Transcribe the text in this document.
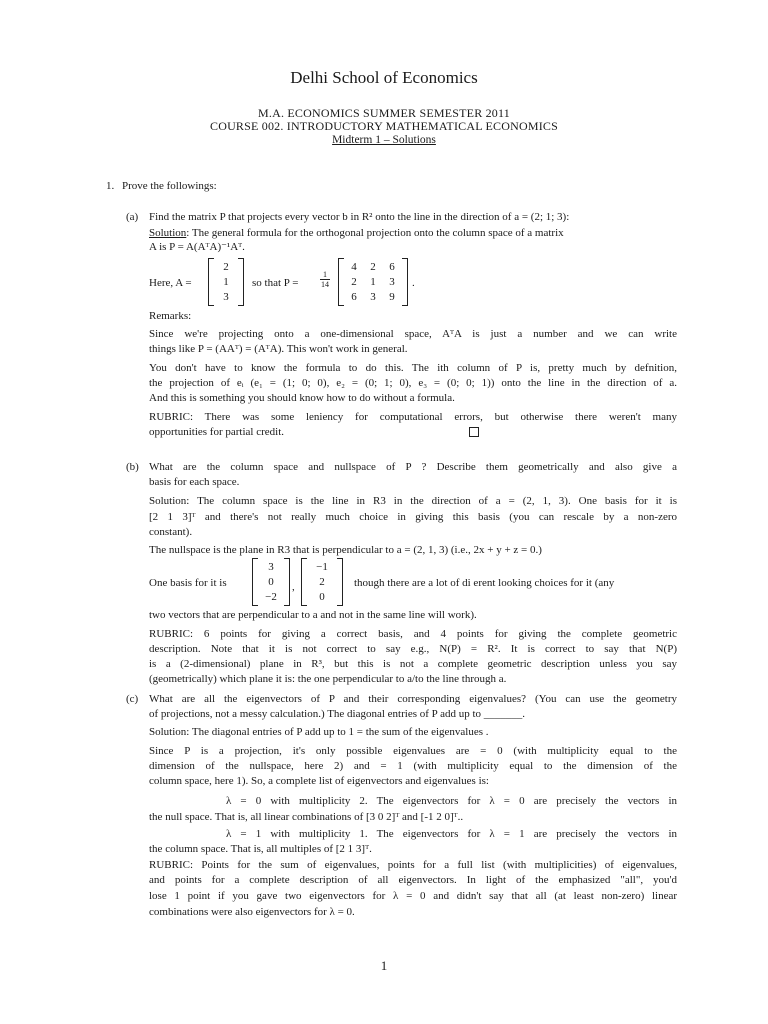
Delhi School of Economics
M.A. ECONOMICS SUMMER SEMESTER 2011
COURSE 002. INTRODUCTORY MATHEMATICAL ECONOMICS
Midterm 1 – Solutions
1. Prove the followings:
(a) Find the matrix P that projects every vector b in R² onto the line in the direction of a = (2; 1; 3):
Solution: The general formula for the orthogonal projection onto the column space of a matrix
A is P = A(AᵀA)⁻¹Aᵀ.
Here, A =
2
1
3
so that P =	$\frac{1}{14}$
4	2	6
2	1	3
6	3	9
.
Remarks:
Since we're projecting onto a one-dimensional space, AᵀA is just a number and we can write
things like P = (AAᵀ) = (AᵀA). This won't work in general.
You don't have to know the formula to do this. The ith column of P is, pretty much by defnition,
the projection of eᵢ (e₁ = (1; 0; 0), e₂ = (0; 1; 0), e₃ = (0; 0; 1)) onto the line in the direction of a.
And this is something you should know how to do without a formula.
RUBRIC: There was some leniency for computational errors, but otherwise there weren't many
opportunities for partial credit.
(b) What are the column space and nullspace of P ? Describe them geometrically and also give a
basis for each space.
Solution: The column space is the line in R3 in the direction of a = (2, 1, 3). One basis for it is
[2 1 3]ᵀ and there's not really much choice in giving this basis (you can rescale by a non-zero
constant).
The nullspace is the plane in R3 that is perpendicular to a = (2, 1, 3) (i.e., 2x + y + z = 0.)
One basis for it is
3
0
−2
,
−1
2
0
though there are a lot of di erent looking choices for it (any
two vectors that are perpendicular to a and not in the same line will work).
RUBRIC: 6 points for giving a correct basis, and 4 points for giving the complete geometric
description. Note that it is not correct to say e.g., N(P) = R². It is correct to say that N(P)
is a (2-dimensional) plane in R³, but this is not a complete geometric description unless you say
(geometrically) which plane it is: the one perpendicular to a/to the line through a.
(c) What are all the eigenvectors of P and their corresponding eigenvalues? (You can use the geometry
of projections, not a messy calculation.) The diagonal entries of P add up to _______.
Solution: The diagonal entries of P add up to 1 = the sum of the eigenvalues .
Since P is a projection, it's only possible eigenvalues are = 0 (with multiplicity equal to the
dimension of the nullspace, here 2) and = 1 (with multiplicity equal to the dimension of the
column space, here 1). So, a complete list of eigenvectors and eigenvalues is:
λ = 0 with multiplicity 2. The eigenvectors for λ = 0 are precisely the vectors in
the null space. That is, all linear combinations of [3 0 2]ᵀ and [-1 2 0]ᵀ..
λ = 1 with multiplicity 1. The eigenvectors for λ = 1 are precisely the vectors in
the column space. That is, all multiples of [2 1 3]ᵀ.
RUBRIC: Points for the sum of eigenvalues, points for a full list (with multiplicities) of eigenvalues,
and points for a complete description of all eigenvectors. In light of the emphasized "all", you'd
lose 1 point if you gave two eigenvectors for λ = 0 and didn't say that all (at least non-zero) linear
combinations were also eigenvectors for λ = 0.
1
